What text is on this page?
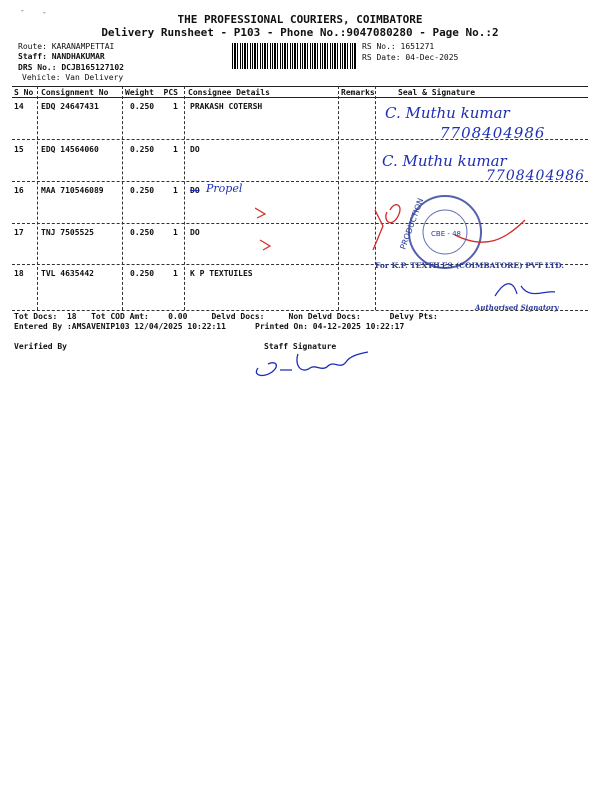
THE PROFESSIONAL COURIERS, COIMBATORE
Delivery Runsheet - P103 - Phone No.:9047080280 - Page No.:2
Route: KARANAMPETTAI
Staff: NANDHAKUMAR
DRS No.: DCJB165127102
Vehicle: Van Delivery
RS No.: 1651271
RS Date: 04-Dec-2025
S No Consignment No Weight  PCS Consignee Details	Remarks	Seal & Signature
14 EDQ 24647431	0.250 1 PRAKASH COTERSH
15 EDQ 14564060	0.250 1 DO
16 MAA 710546089	0.250 1 DO
17 TNJ 7505525	0.250 1 DO
18 TVL 4635442	0.250 1 K P TEXTUILES
C. Muthu kumar
7708404986
C. Muthu kumar
7708404986
Propel
PRODUCTION CBE - 48
For K.P. TEXTILES (COIMBATORE) PVT LTD.
Authorised Signatory
Tot Docs:  18   Tot COD Amt:    0.00     Delvd Docs:     Non Delvd Docs:      Delvy Pts:
Entered By :AMSAVENIP103 12/04/2025 10:22:11	Printed On: 04-12-2025 10:22:17
Verified By	Staff Signature
- -
